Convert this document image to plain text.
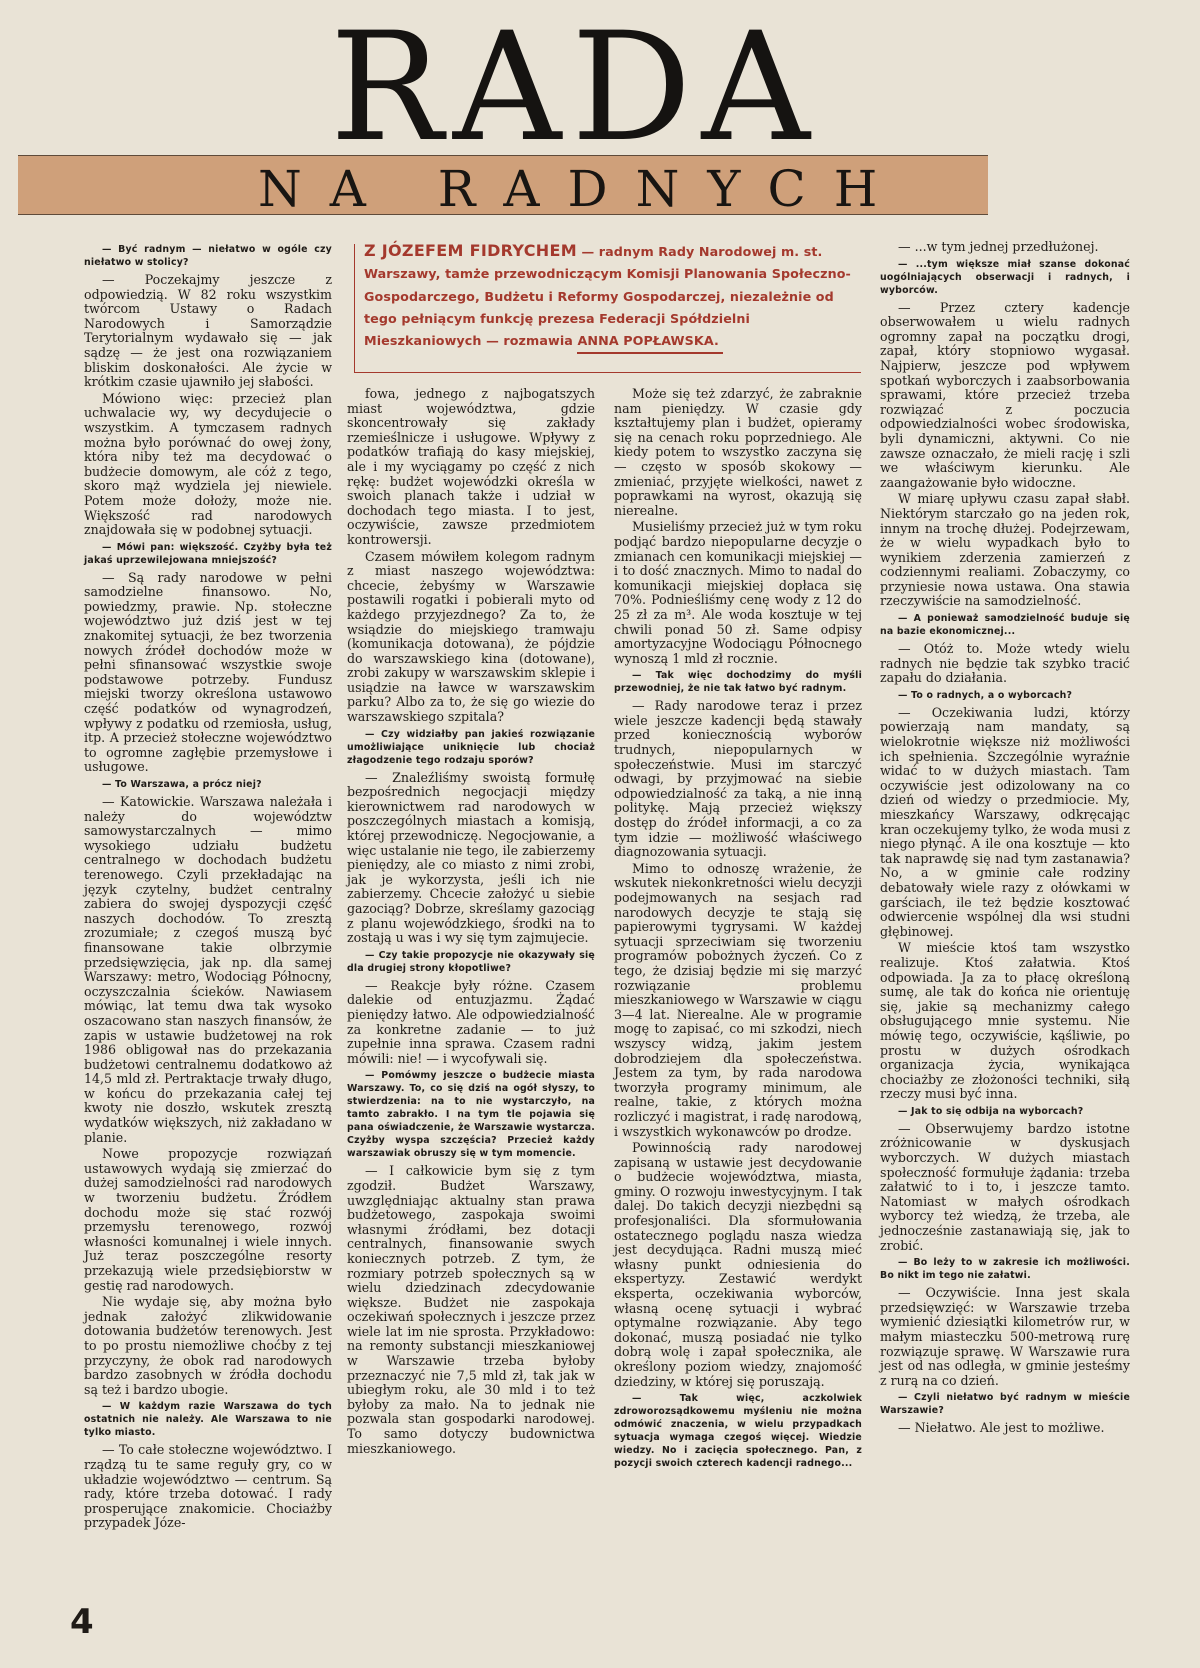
RADA
NA RADNYCH
Z JÓZEFEM FIDRYCHEM — radnym Rady Narodowej m. st. Warszawy, tamże przewodniczącym Komisji Planowania Społeczno-Gospodarczego, Budżetu i Reformy Gospodarczej, niezależnie od tego pełniącym funkcję prezesa Federacji Spółdzielni Mieszkaniowych — rozmawia ANNA POPŁAWSKA.

— Być radnym — niełatwo w ogóle czy niełatwo w stolicy?

— Poczekajmy jeszcze z odpowiedzią. W 82 roku wszystkim twórcom Ustawy o Radach Narodowych i Samorządzie Terytorialnym wydawało się — jak sądzę — że jest ona rozwiązaniem bliskim doskonałości. Ale życie w krótkim czasie ujawniło jej słabości.

Mówiono więc: przecież plan uchwalacie wy, wy decydujecie o wszystkim. A tymczasem radnych można było porównać do owej żony, która niby też ma decydować o budżecie domowym, ale cóż z tego, skoro mąż wydziela jej niewiele. Potem może dołoży, może nie. Większość rad narodowych znajdowała się w podobnej sytuacji.

— Mówi pan: większość. Czyżby była też jakaś uprzewilejowana mniejszość?

— Są rady narodowe w pełni samodzielne finansowo. No, powiedzmy, prawie. Np. stołeczne województwo już dziś jest w tej znakomitej sytuacji, że bez tworzenia nowych źródeł dochodów może w pełni sfinansować wszystkie swoje podstawowe potrzeby. Fundusz miejski tworzy określona ustawowo część podatków od wynagrodzeń, wpływy z podatku od rzemiosła, usług, itp. A przecież stołeczne województwo to ogromne zagłębie przemysłowe i usługowe.

— To Warszawa, a prócz niej?

— Katowickie. Warszawa należała i należy do województw samowystarczalnych — mimo wysokiego udziału budżetu centralnego w dochodach budżetu terenowego. Czyli przekładając na język czytelny, budżet centralny zabiera do swojej dyspozycji część naszych dochodów. To zresztą zrozumiałe; z czegoś muszą być finansowane takie olbrzymie przedsięwzięcia, jak np. dla samej Warszawy: metro, Wodociąg Północny, oczyszczalnia ścieków. Nawiasem mówiąc, lat temu dwa tak wysoko oszacowano stan naszych finansów, że zapis w ustawie budżetowej na rok 1986 obligował nas do przekazania budżetowi centralnemu dodatkowo aż 14,5 mld zł. Pertraktacje trwały długo, w końcu do przekazania całej tej kwoty nie doszło, wskutek zresztą wydatków większych, niż zakładano w planie.

Nowe propozycje rozwiązań ustawowych wydają się zmierzać do dużej samodzielności rad narodowych w tworzeniu budżetu. Źródłem dochodu może się stać rozwój przemysłu terenowego, rozwój własności komunalnej i wiele innych. Już teraz poszczególne resorty przekazują wiele przedsiębiorstw w gestię rad narodowych.

Nie wydaje się, aby można było jednak założyć zlikwidowanie dotowania budżetów terenowych. Jest to po prostu niemożliwe choćby z tej przyczyny, że obok rad narodowych bardzo zasobnych w źródła dochodu są też i bardzo ubogie.

— W każdym razie Warszawa do tych ostatnich nie należy. Ale Warszawa to nie tylko miasto.

— To całe stołeczne województwo. I rządzą tu te same reguły gry, co w układzie województwo — centrum. Są rady, które trzeba dotować. I rady prosperujące znakomicie. Chociażby przypadek Józe-

fowa, jednego z najbogatszych miast województwa, gdzie skoncentrowały się zakłady rzemieślnicze i usługowe. Wpływy z podatków trafiają do kasy miejskiej, ale i my wyciągamy po część z nich rękę: budżet wojewódzki określa w swoich planach także i udział w dochodach tego miasta. I to jest, oczywiście, zawsze przedmiotem kontrowersji.

Czasem mówiłem kolegom radnym z miast naszego województwa: chcecie, żebyśmy w Warszawie postawili rogatki i pobierali myto od każdego przyjezdnego? Za to, że wsiądzie do miejskiego tramwaju (komunikacja dotowana), że pójdzie do warszawskiego kina (dotowane), zrobi zakupy w warszawskim sklepie i usiądzie na ławce w warszawskim parku? Albo za to, że się go wiezie do warszawskiego szpitala?

— Czy widziałby pan jakieś rozwiązanie umożliwiające uniknięcie lub chociaż złagodzenie tego rodzaju sporów?

— Znaleźliśmy swoistą formułę bezpośrednich negocjacji między kierownictwem rad narodowych w poszczególnych miastach a komisją, której przewodniczę. Negocjowanie, a więc ustalanie nie tego, ile zabierzemy pieniędzy, ale co miasto z nimi zrobi, jak je wykorzysta, jeśli ich nie zabierzemy. Chcecie założyć u siebie gazociąg? Dobrze, skreślamy gazociąg z planu wojewódzkiego, środki na to zostają u was i wy się tym zajmujecie.

— Czy takie propozycje nie okazywały się dla drugiej strony kłopotliwe?

— Reakcje były różne. Czasem dalekie od entuzjazmu. Żądać pieniędzy łatwo. Ale odpowiedzialność za konkretne zadanie — to już zupełnie inna sprawa. Czasem radni mówili: nie! — i wycofywali się.

— Pomówmy jeszcze o budżecie miasta Warszawy. To, co się dziś na ogół słyszy, to stwierdzenia: na to nie wystarczyło, na tamto zabrakło. I na tym tle pojawia się pana oświadczenie, że Warszawie wystarcza. Czyżby wyspa szczęścia? Przecież każdy warszawiak obruszy się w tym momencie.

— I całkowicie bym się z tym zgodził. Budżet Warszawy, uwzględniając aktualny stan prawa budżetowego, zaspokaja swoimi własnymi źródłami, bez dotacji centralnych, finansowanie swych koniecznych potrzeb. Z tym, że rozmiary potrzeb społecznych są w wielu dziedzinach zdecydowanie większe. Budżet nie zaspokaja oczekiwań społecznych i jeszcze przez wiele lat im nie sprosta. Przykładowo: na remonty substancji mieszkaniowej w Warszawie trzeba byłoby przeznaczyć nie 7,5 mld zł, tak jak w ubiegłym roku, ale 30 mld i to też byłoby za mało. Na to jednak nie pozwala stan gospodarki narodowej. To samo dotyczy budownictwa mieszkaniowego.

Może się też zdarzyć, że zabraknie nam pieniędzy. W czasie gdy kształtujemy plan i budżet, opieramy się na cenach roku poprzedniego. Ale kiedy potem to wszystko zaczyna się — często w sposób skokowy — zmieniać, przyjęte wielkości, nawet z poprawkami na wyrost, okazują się nierealne.

Musieliśmy przecież już w tym roku podjąć bardzo niepopularne decyzje o zmianach cen komunikacji miejskiej — i to dość znacznych. Mimo to nadal do komunikacji miejskiej dopłaca się 70%. Podnieśliśmy cenę wody z 12 do 25 zł za m³. Ale woda kosztuje w tej chwili ponad 50 zł. Same odpisy amortyzacyjne Wodociągu Północnego wynoszą 1 mld zł rocznie.

— Tak więc dochodzimy do myśli przewodniej, że nie tak łatwo być radnym.

— Rady narodowe teraz i przez wiele jeszcze kadencji będą stawały przed koniecznością wyborów trudnych, niepopularnych w społeczeństwie. Musi im starczyć odwagi, by przyjmować na siebie odpowiedzialność za taką, a nie inną politykę. Mają przecież większy dostęp do źródeł informacji, a co za tym idzie — możliwość właściwego diagnozowania sytuacji.

Mimo to odnoszę wrażenie, że wskutek niekonkretności wielu decyzji podejmowanych na sesjach rad narodowych decyzje te stają się papierowymi tygrysami. W każdej sytuacji sprzeciwiam się tworzeniu programów pobożnych życzeń. Co z tego, że dzisiaj będzie mi się marzyć rozwiązanie problemu mieszkaniowego w Warszawie w ciągu 3—4 lat. Nierealne. Ale w programie mogę to zapisać, co mi szkodzi, niech wszyscy widzą, jakim jestem dobrodziejem dla społeczeństwa. Jestem za tym, by rada narodowa tworzyła programy minimum, ale realne, takie, z których można rozliczyć i magistrat, i radę narodową, i wszystkich wykonawców po drodze.

Powinnością rady narodowej zapisaną w ustawie jest decydowanie o budżecie województwa, miasta, gminy. O rozwoju inwestycyjnym. I tak dalej. Do takich decyzji niezbędni są profesjonaliści. Dla sformułowania ostatecznego poglądu nasza wiedza jest decydująca. Radni muszą mieć własny punkt odniesienia do ekspertyzy. Zestawić werdykt eksperta, oczekiwania wyborców, własną ocenę sytuacji i wybrać optymalne rozwiązanie. Aby tego dokonać, muszą posiadać nie tylko dobrą wolę i zapał społecznika, ale określony poziom wiedzy, znajomość dziedziny, w której się poruszają.

— Tak więc, aczkolwiek zdroworozsądkowemu myśleniu nie można odmówić znaczenia, w wielu przypadkach sytuacja wymaga czegoś więcej. Wiedzie wiedzy. No i zacięcia społecznego. Pan, z pozycji swoich czterech kadencji radnego...

— ...w tym jednej przedłużonej.

— ...tym większe miał szanse dokonać uogólniających obserwacji i radnych, i wyborców.

— Przez cztery kadencje obserwowałem u wielu radnych ogromny zapał na początku drogi, zapał, który stopniowo wygasał. Najpierw, jeszcze pod wpływem spotkań wyborczych i zaabsorbowania sprawami, które przecież trzeba rozwiązać z poczucia odpowiedzialności wobec środowiska, byli dynamiczni, aktywni. Co nie zawsze oznaczało, że mieli rację i szli we właściwym kierunku. Ale zaangażowanie było widoczne.

W miarę upływu czasu zapał słabł. Niektórym starczało go na jeden rok, innym na trochę dłużej. Podejrzewam, że w wielu wypadkach było to wynikiem zderzenia zamierzeń z codziennymi realiami. Zobaczymy, co przyniesie nowa ustawa. Ona stawia rzeczywiście na samodzielność.

— A ponieważ samodzielność buduje się na bazie ekonomicznej...

— Otóż to. Może wtedy wielu radnych nie będzie tak szybko tracić zapału do działania.

— To o radnych, a o wyborcach?

— Oczekiwania ludzi, którzy powierzają nam mandaty, są wielokrotnie większe niż możliwości ich spełnienia. Szczególnie wyraźnie widać to w dużych miastach. Tam oczywiście jest odizolowany na co dzień od wiedzy o przedmiocie. My, mieszkańcy Warszawy, odkręcając kran oczekujemy tylko, że woda musi z niego płynąć. A ile ona kosztuje — kto tak naprawdę się nad tym zastanawia? No, a w gminie całe rodziny debatowały wiele razy z ołówkami w garściach, ile też będzie kosztować odwiercenie wspólnej dla wsi studni głębinowej.

W mieście ktoś tam wszystko realizuje. Ktoś załatwia. Ktoś odpowiada. Ja za to płacę określoną sumę, ale tak do końca nie orientuję się, jakie są mechanizmy całego obsługującego mnie systemu. Nie mówię tego, oczywiście, kąśliwie, po prostu w dużych ośrodkach organizacja życia, wynikająca chociażby ze złożoności techniki, siłą rzeczy musi być inna.

— Jak to się odbija na wyborcach?

— Obserwujemy bardzo istotne zróżnicowanie w dyskusjach wyborczych. W dużych miastach społeczność formułuje żądania: trzeba załatwić to i to, i jeszcze tamto. Natomiast w małych ośrodkach wyborcy też wiedzą, że trzeba, ale jednocześnie zastanawiają się, jak to zrobić.

— Bo leży to w zakresie ich możliwości. Bo nikt im tego nie załatwi.

— Oczywiście. Inna jest skala przedsięwzięć: w Warszawie trzeba wymienić dziesiątki kilometrów rur, w małym miasteczku 500-metrową rurę rozwiązuje sprawę. W Warszawie rura jest od nas odległa, w gminie jesteśmy z rurą na co dzień.

— Czyli niełatwo być radnym w mieście Warszawie?

— Niełatwo. Ale jest to możliwe.

4
